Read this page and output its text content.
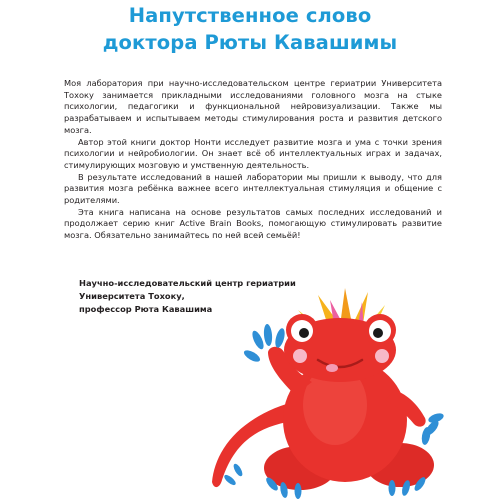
Напутственное слово
доктора Рюты Кавашимы

Моя лаборатория при научно-исследовательском центре гериатрии Университета Тохоку занимается прикладными исследованиями головного мозга на стыке психологии, педагогики и функциональной нейровизуализации. Также мы разрабатываем и испытываем методы стимулирования роста и развития детского мозга.

Автор этой книги доктор Нонти исследует развитие мозга и ума с точки зрения психологии и нейробиологии. Он знает всё об интеллектуальных играх и задачах, стимулирующих мозговую и умственную деятельность.

В результате исследований в нашей лаборатории мы пришли к выводу, что для развития мозга ребёнка важнее всего интеллектуальная стимуляция и общение с родителями.

Эта книга написана на основе результатов самых последних исследований и продолжает серию книг Active Brain Books, помогающую стимулировать развитие мозга. Обязательно занимайтесь по ней всей семьёй!

Научно-исследовательский центр гериатрии
Университета Тохоку,
профессор Рюта Кавашима
